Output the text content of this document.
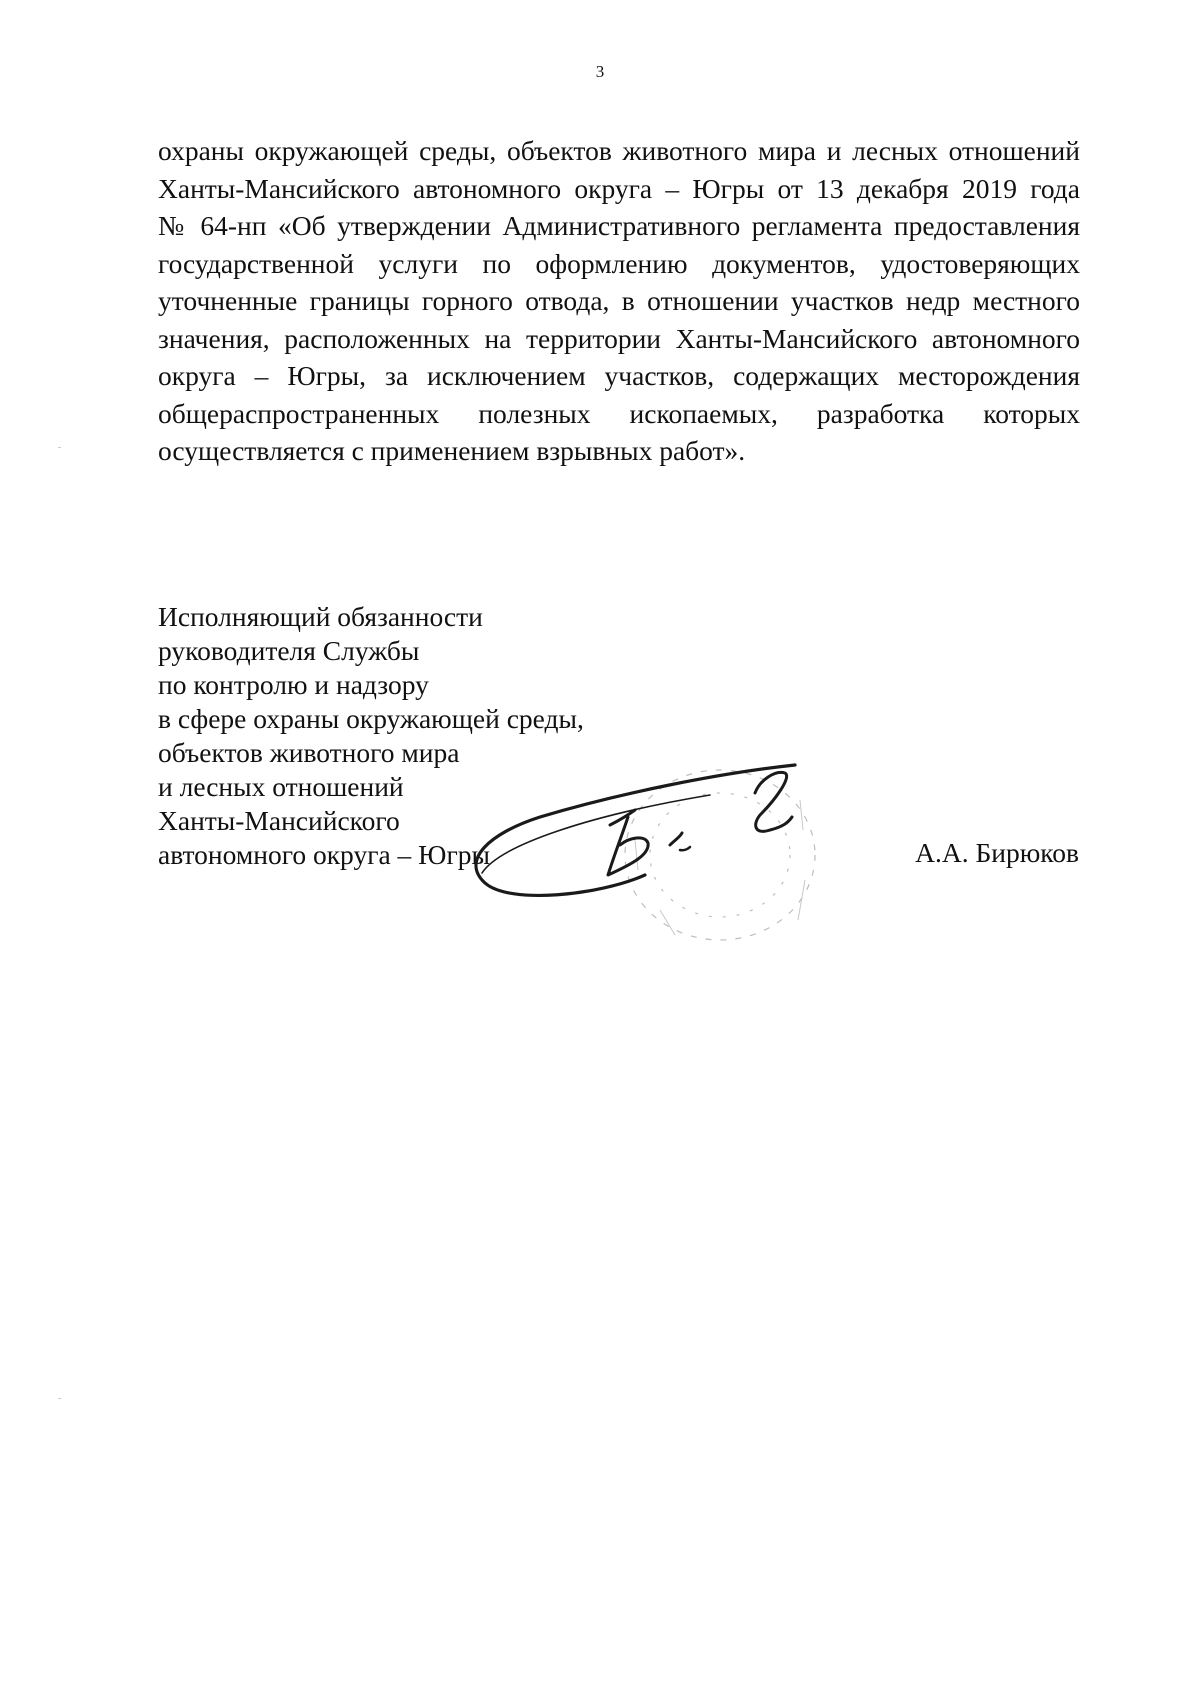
3
охраны окружающей среды, объектов животного мира и лесных отношений
Ханты-Мансийского автономного округа – Югры от 13 декабря 2019 года
№ 64-нп «Об утверждении Административного регламента предоставления
государственной услуги по оформлению документов, удостоверяющих
уточненные границы горного отвода, в отношении участков недр местного
значения, расположенных на территории Ханты-Мансийского автономного
округа – Югры, за исключением участков, содержащих месторождения
общераспространенных полезных ископаемых, разработка которых
осуществляется с применением взрывных работ».
Исполняющий обязанности
руководителя Службы
по контролю и надзору
в сфере охраны окружающей среды,
объектов животного мира
и лесных отношений
Ханты-Мансийского
автономного округа – Югры	А.А. Бирюков
